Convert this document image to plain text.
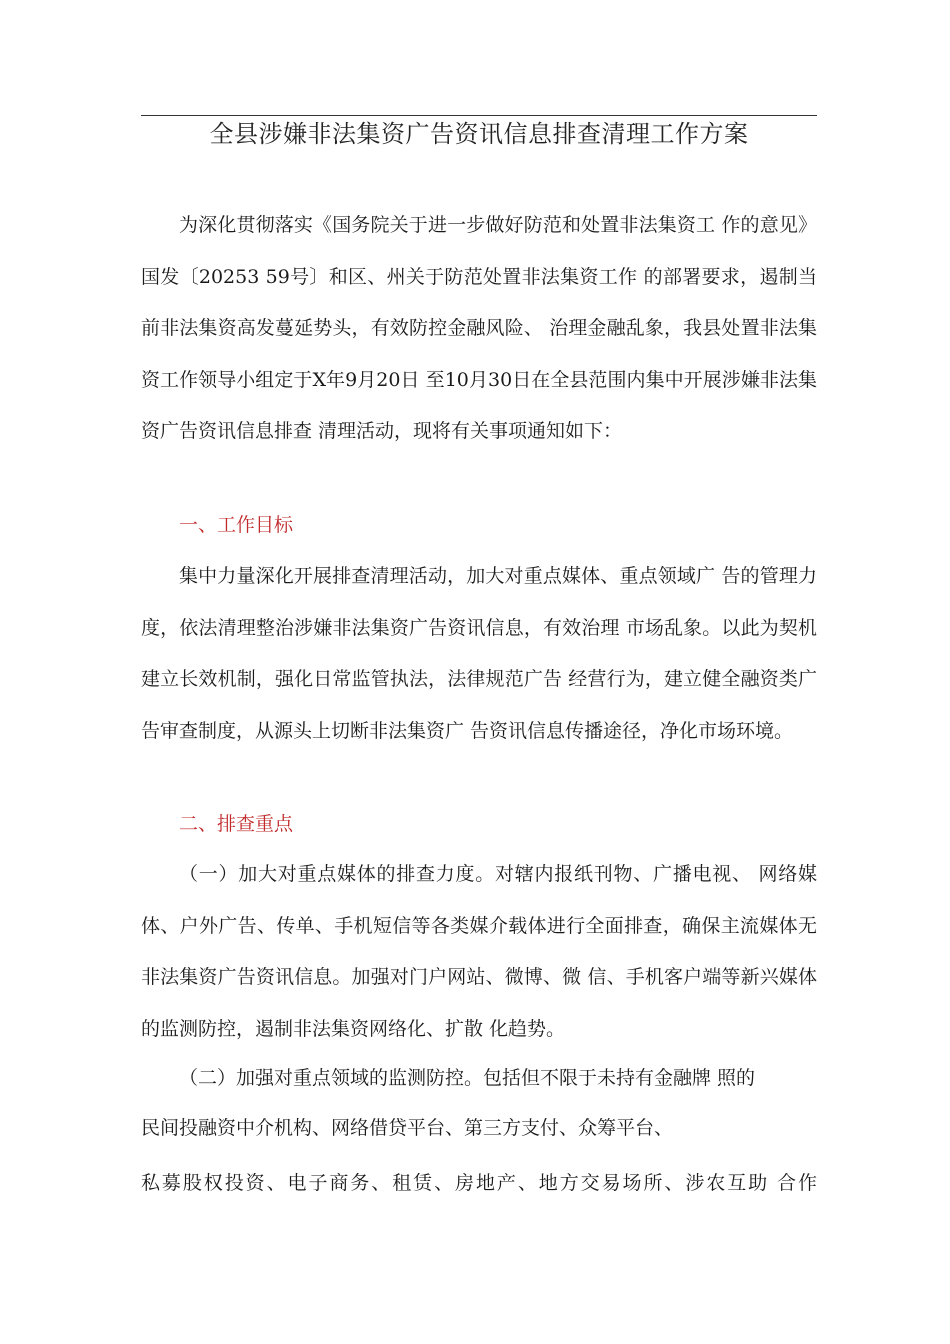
全县涉嫌非法集资广告资讯信息排查清理工作方案

为深化贯彻落实《国务院关于进一步做好防范和处置非法集资工 作的意见》国发〔20253 59号〕和区、州关于防范处置非法集资工作 的部署要求，遏制当前非法集资高发蔓延势头，有效防控金融风险、 治理金融乱象，我县处置非法集资工作领导小组定于X年9月20日 至10月30日在全县范围内集中开展涉嫌非法集资广告资讯信息排查 清理活动，现将有关事项通知如下：

一、工作目标

集中力量深化开展排查清理活动，加大对重点媒体、重点领域广 告的管理力度，依法清理整治涉嫌非法集资广告资讯信息，有效治理 市场乱象。以此为契机建立长效机制，强化日常监管执法，法律规范广告 经营行为，建立健全融资类广告审查制度，从源头上切断非法集资广 告资讯信息传播途径，净化市场环境。

二、排查重点

（一）加大对重点媒体的排查力度。对辖内报纸刊物、广播电视、 网络媒体、户外广告、传单、手机短信等各类媒介载体进行全面排查，确保主流媒体无非法集资广告资讯信息。加强对门户网站、微博、微 信、手机客户端等新兴媒体的监测防控，遏制非法集资网络化、扩散 化趋势。

（二）加强对重点领域的监测防控。包括但不限于未持有金融牌 照的

民间投融资中介机构、网络借贷平台、第三方支付、众筹平台、

私募股权投资、电子商务、租赁、房地产、地方交易场所、涉农互助 合作
